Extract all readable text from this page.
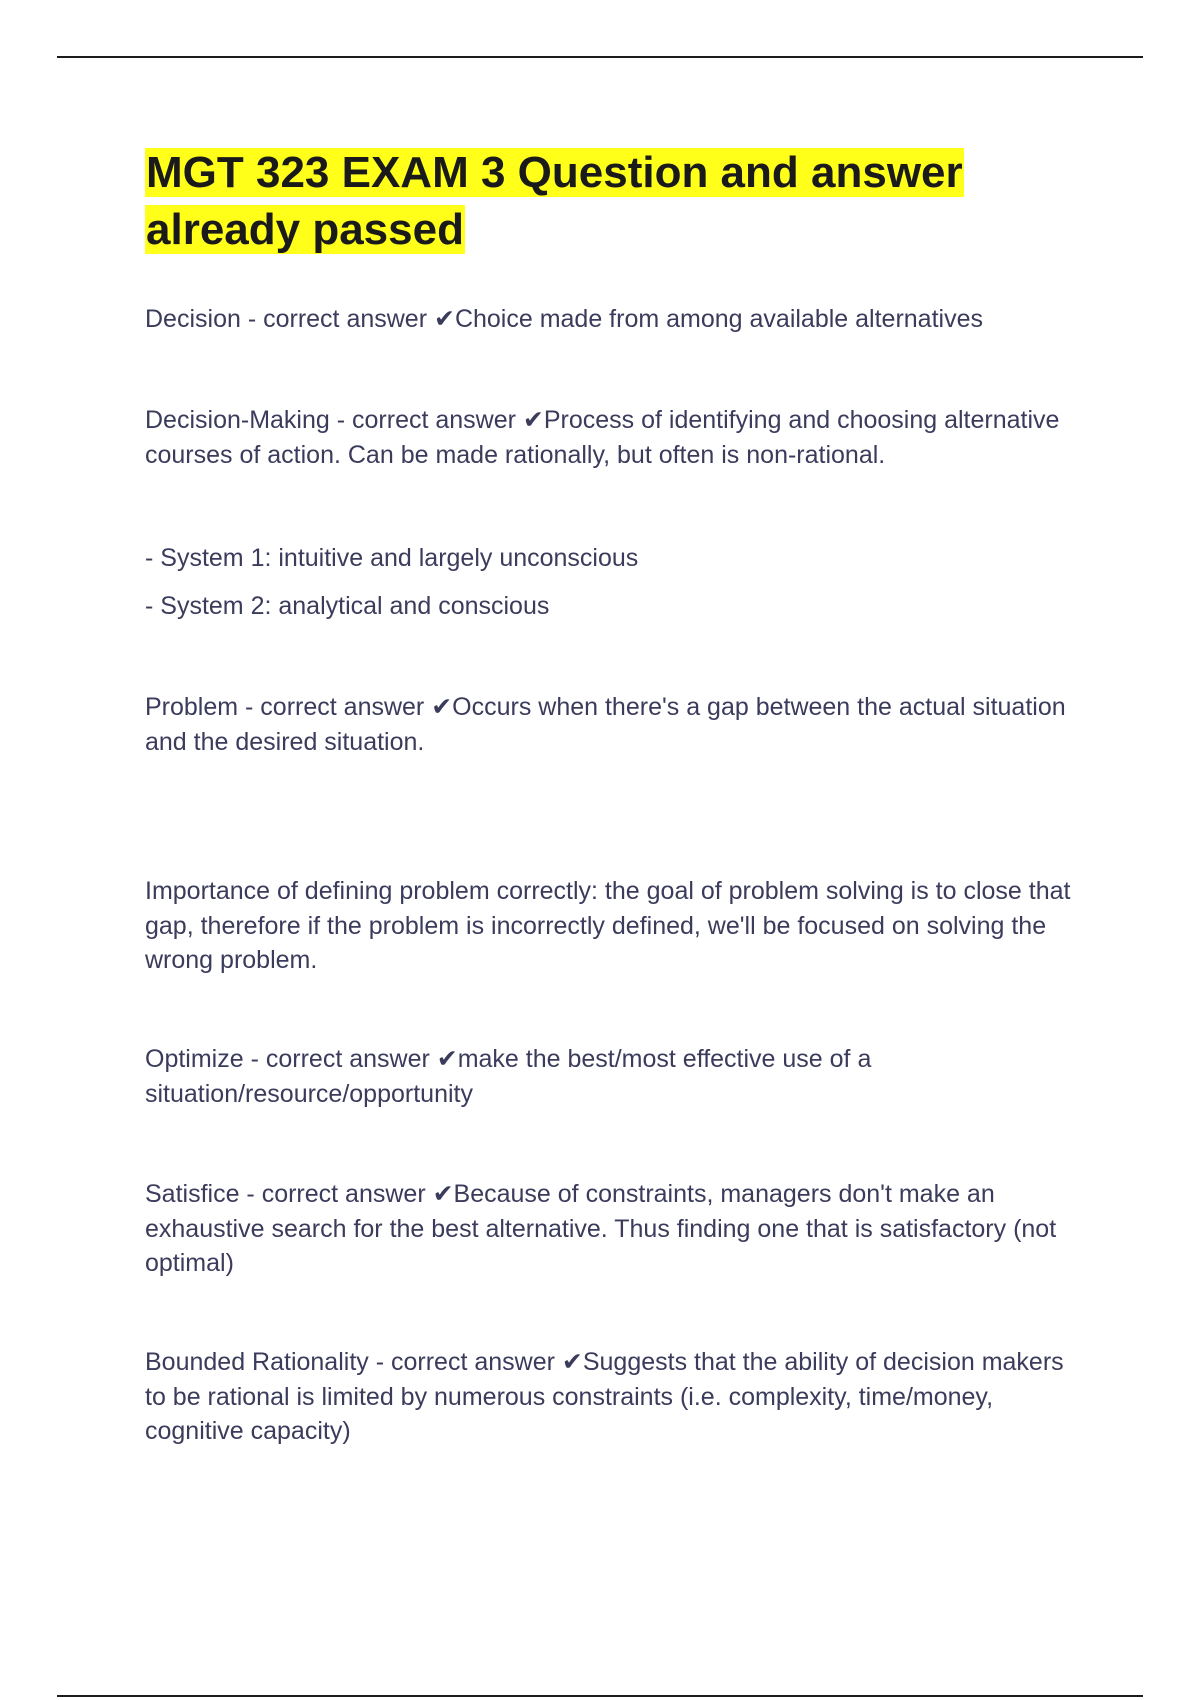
MGT 323 EXAM 3 Question and answer already passed

Decision - correct answer ✔Choice made from among available alternatives

Decision-Making - correct answer ✔Process of identifying and choosing alternative courses of action. Can be made rationally, but often is non-rational.

- System 1: intuitive and largely unconscious

- System 2: analytical and conscious

Problem - correct answer ✔Occurs when there's a gap between the actual situation and the desired situation.

Importance of defining problem correctly: the goal of problem solving is to close that gap, therefore if the problem is incorrectly defined, we'll be focused on solving the wrong problem.

Optimize - correct answer ✔make the best/most effective use of a situation/resource/opportunity

Satisfice - correct answer ✔Because of constraints, managers don't make an exhaustive search for the best alternative. Thus finding one that is satisfactory (not optimal)

Bounded Rationality - correct answer ✔Suggests that the ability of decision makers to be rational is limited by numerous constraints (i.e. complexity, time/money, cognitive capacity)
